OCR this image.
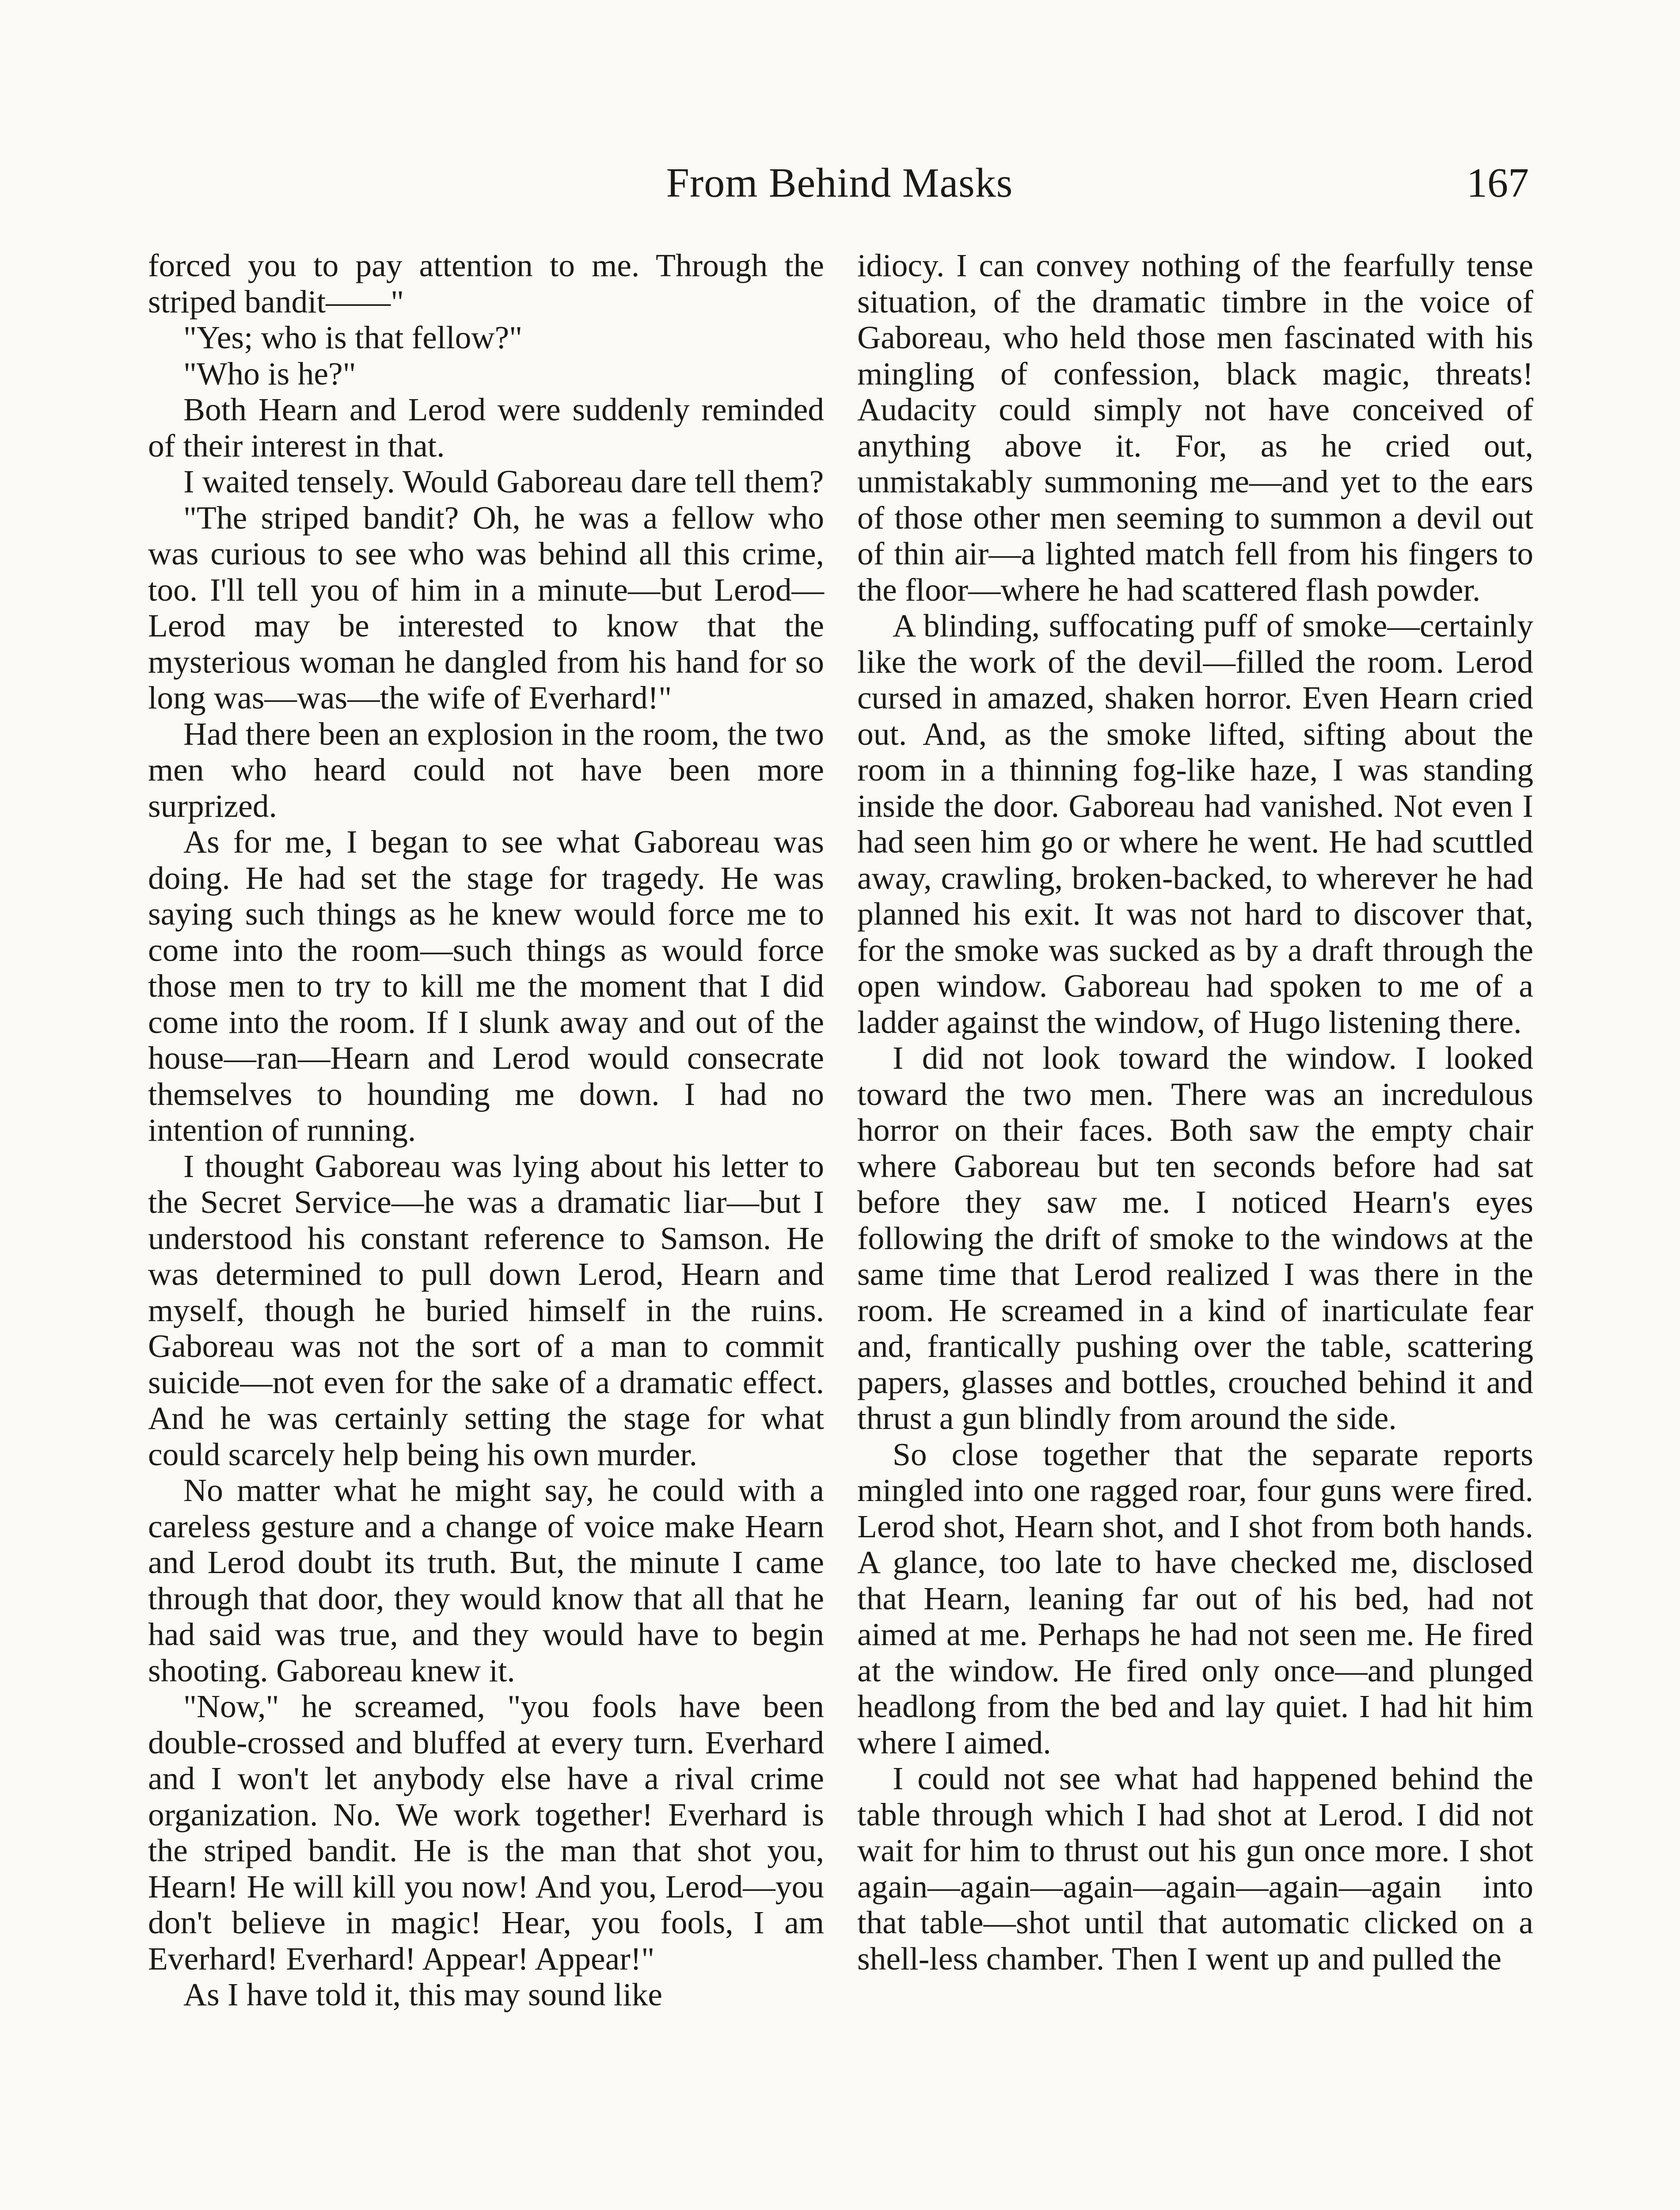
From Behind Masks	167

forced you to pay attention to me. Through the striped bandit——"

"Yes; who is that fellow?"

"Who is he?"

Both Hearn and Lerod were suddenly reminded of their interest in that.

I waited tensely. Would Gaboreau dare tell them?

"The striped bandit? Oh, he was a fellow who was curious to see who was behind all this crime, too. I'll tell you of him in a minute—but Lerod—Lerod may be interested to know that the mysterious woman he dangled from his hand for so long was—was—the wife of Everhard!"

Had there been an explosion in the room, the two men who heard could not have been more surprized.

As for me, I began to see what Gaboreau was doing. He had set the stage for tragedy. He was saying such things as he knew would force me to come into the room—such things as would force those men to try to kill me the moment that I did come into the room. If I slunk away and out of the house—ran—Hearn and Lerod would consecrate themselves to hounding me down. I had no intention of running.

I thought Gaboreau was lying about his letter to the Secret Service—he was a dramatic liar—but I understood his constant reference to Samson. He was determined to pull down Lerod, Hearn and myself, though he buried himself in the ruins. Gaboreau was not the sort of a man to commit suicide—not even for the sake of a dramatic effect. And he was certainly setting the stage for what could scarcely help being his own murder.

No matter what he might say, he could with a careless gesture and a change of voice make Hearn and Lerod doubt its truth. But, the minute I came through that door, they would know that all that he had said was true, and they would have to begin shooting. Gaboreau knew it.

"Now," he screamed, "you fools have been double-crossed and bluffed at every turn. Everhard and I won't let anybody else have a rival crime organization. No. We work together! Everhard is the striped bandit. He is the man that shot you, Hearn! He will kill you now! And you, Lerod—you don't believe in magic! Hear, you fools, I am Everhard! Everhard! Appear! Appear!"

As I have told it, this may sound like

idiocy. I can convey nothing of the fearfully tense situation, of the dramatic timbre in the voice of Gaboreau, who held those men fascinated with his mingling of confession, black magic, threats! Audacity could simply not have conceived of anything above it. For, as he cried out, unmistakably summoning me—and yet to the ears of those other men seeming to summon a devil out of thin air—a lighted match fell from his fingers to the floor—where he had scattered flash powder.

A blinding, suffocating puff of smoke—certainly like the work of the devil—filled the room. Lerod cursed in amazed, shaken horror. Even Hearn cried out. And, as the smoke lifted, sifting about the room in a thinning fog-like haze, I was standing inside the door. Gaboreau had vanished. Not even I had seen him go or where he went. He had scuttled away, crawling, broken-backed, to wherever he had planned his exit. It was not hard to discover that, for the smoke was sucked as by a draft through the open window. Gaboreau had spoken to me of a ladder against the window, of Hugo listening there.

I did not look toward the window. I looked toward the two men. There was an incredulous horror on their faces. Both saw the empty chair where Gaboreau but ten seconds before had sat before they saw me. I noticed Hearn's eyes following the drift of smoke to the windows at the same time that Lerod realized I was there in the room. He screamed in a kind of inarticulate fear and, frantically pushing over the table, scattering papers, glasses and bottles, crouched behind it and thrust a gun blindly from around the side.

So close together that the separate reports mingled into one ragged roar, four guns were fired. Lerod shot, Hearn shot, and I shot from both hands. A glance, too late to have checked me, disclosed that Hearn, leaning far out of his bed, had not aimed at me. Perhaps he had not seen me. He fired at the window. He fired only once—and plunged headlong from the bed and lay quiet. I had hit him where I aimed.

I could not see what had happened behind the table through which I had shot at Lerod. I did not wait for him to thrust out his gun once more. I shot again—again—again—again—again—again into that table—shot until that automatic clicked on a shell-less chamber. Then I went up and pulled the
